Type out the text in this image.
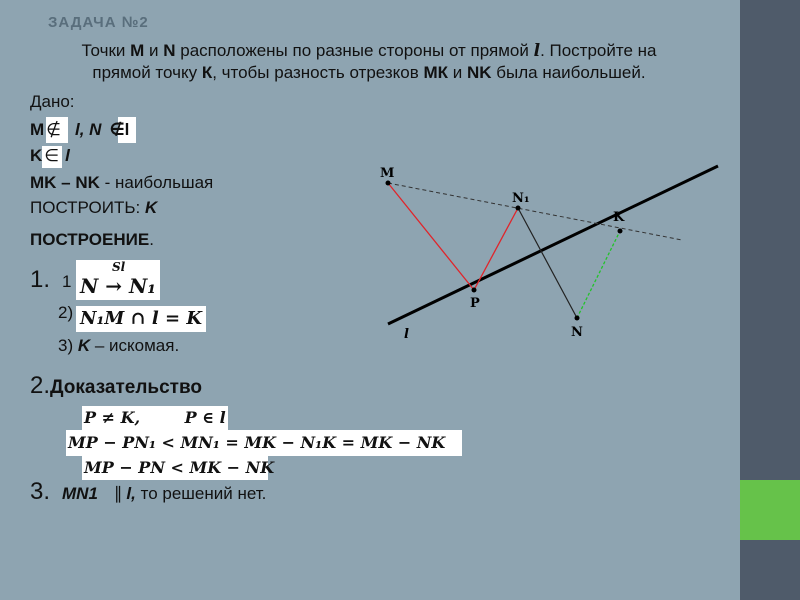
ЗАДАЧА №2
Точки M и N расположены по разные стороны от прямой l. Постройте на
прямой точку К, чтобы разность отрезков МК и NK была наибольшей.
Дано:
M ∉ l, N ∉l
K ∈ l
MK – NK - наибольшая
ПОСТРОИТЬ: K
ПОСТРОЕНИЕ.
1. 1
Sl
N → N₁
2) N₁M ∩ l = K
3) K – искомая.
2.Доказательство
P ≠ K,        P ∈ l
MP − PN₁ < MN₁ = MK − N₁K = MK − NK
MP − PN < MK − NK
3. MN1 ∥ l, то решений нет.
M
N₁
K
P
N
l
